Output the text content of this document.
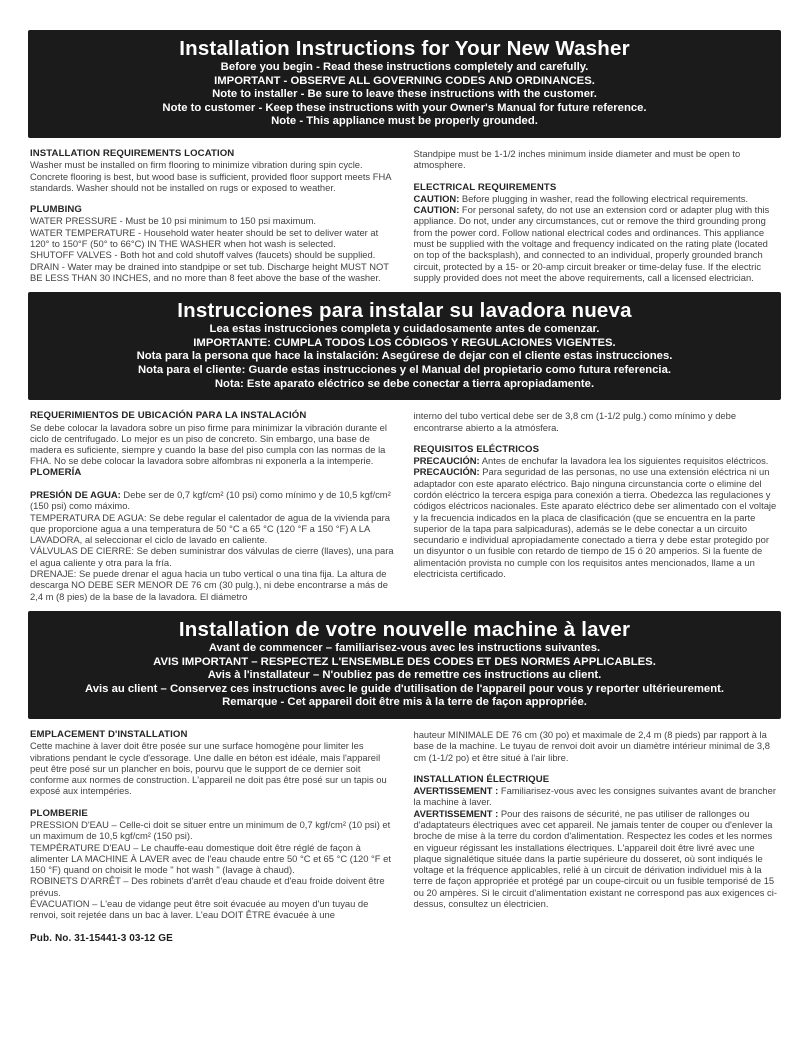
Installation Instructions for Your New Washer
Before you begin - Read these instructions completely and carefully.
IMPORTANT - OBSERVE ALL GOVERNING CODES AND ORDINANCES.
Note to installer - Be sure to leave these instructions with the customer.
Note to customer - Keep these instructions with your Owner's Manual for future reference.
Note - This appliance must be properly grounded.
INSTALLATION REQUIREMENTS LOCATION

Washer must be installed on firm flooring to minimize vibration during spin cycle. Concrete flooring is best, but wood base is sufficient, provided floor support meets FHA standards. Washer should not be installed on rugs or exposed to weather.

PLUMBING

WATER PRESSURE - Must be 10 psi minimum to 150 psi maximum.

WATER TEMPERATURE - Household water heater should be set to deliver water at 120° to 150°F (50° to 66°C) IN THE WASHER when hot wash is selected.

SHUTOFF VALVES - Both hot and cold shutoff valves (faucets) should be supplied.

DRAIN - Water may be drained into standpipe or set tub. Discharge height MUST NOT BE LESS THAN 30 INCHES, and no more than 8 feet above the base of the washer.

Standpipe must be 1-1/2 inches minimum inside diameter and must be open to atmosphere.

ELECTRICAL REQUIREMENTS

CAUTION: Before plugging in washer, read the following electrical requirements.

CAUTION: For personal safety, do not use an extension cord or adapter plug with this appliance. Do not, under any circumstances, cut or remove the third grounding prong from the power cord. Follow national electrical codes and ordinances. This appliance must be supplied with the voltage and frequency indicated on the rating plate (located on top of the backsplash), and connected to an individual, properly grounded branch circuit, protected by a 15- or 20-amp circuit breaker or time-delay fuse. If the electric supply provided does not meet the above requirements, call a licensed electrician.

Instrucciones para instalar su lavadora nueva
Lea estas instrucciones completa y cuidadosamente antes de comenzar.
IMPORTANTE: CUMPLA TODOS LOS CÓDIGOS Y REGULACIONES VIGENTES.
Nota para la persona que hace la instalación: Asegúrese de dejar con el cliente estas instrucciones.
Nota para el cliente: Guarde estas instrucciones y el Manual del propietario como futura referencia.
Nota: Este aparato eléctrico se debe conectar a tierra apropiadamente.
REQUERIMIENTOS DE UBICACIÓN PARA LA INSTALACIÓN

Se debe colocar la lavadora sobre un piso firme para minimizar la vibración durante el ciclo de centrifugado. Lo mejor es un piso de concreto. Sin embargo, una base de madera es suficiente, siempre y cuando la base del piso cumpla con las normas de la FHA. No se debe colocar la lavadora sobre alfombras ni exponerla a la intemperie.

PLOMERÍA

PRESIÓN DE AGUA: Debe ser de 0,7 kgf/cm² (10 psi) como mínimo y de 10,5 kgf/cm² (150 psi) como máximo.

TEMPERATURA DE AGUA: Se debe regular el calentador de agua de la vivienda para que proporcione agua a una temperatura de 50 °C a 65 °C (120 °F a 150 °F) A LA LAVADORA, al seleccionar el ciclo de lavado en caliente.

VÁLVULAS DE CIERRE: Se deben suministrar dos válvulas de cierre (llaves), una para el agua caliente y otra para la fría.

DRENAJE: Se puede drenar el agua hacia un tubo vertical o una tina fija. La altura de descarga NO DEBE SER MENOR DE 76 cm (30 pulg.), ni debe encontrarse a más de 2,4 m (8 pies) de la base de la lavadora. El diámetro

interno del tubo vertical debe ser de 3,8 cm (1-1/2 pulg.) como mínimo y debe encontrarse abierto a la atmósfera.

REQUISITOS ELÉCTRICOS

PRECAUCIÓN: Antes de enchufar la lavadora lea los siguientes requisitos eléctricos.

PRECAUCIÓN: Para seguridad de las personas, no use una extensión eléctrica ni un adaptador con este aparato eléctrico. Bajo ninguna circunstancia corte o elimine del cordón eléctrico la tercera espiga para conexión a tierra. Obedezca las regulaciones y códigos eléctricos nacionales. Este aparato eléctrico debe ser alimentado con el voltaje y la frecuencia indicados en la placa de clasificación (que se encuentra en la parte superior de la tapa para salpicaduras), además se le debe conectar a un circuito secundario e individual apropiadamente conectado a tierra y debe estar protegido por un disyuntor o un fusible con retardo de tiempo de 15 ó 20 amperios. Si la fuente de alimentación provista no cumple con los requisitos antes mencionados, llame a un electricista certificado.

Installation de votre nouvelle machine à laver
Avant de commencer – familiarisez-vous avec les instructions suivantes.
AVIS IMPORTANT – RESPECTEZ L'ENSEMBLE DES CODES ET DES NORMES APPLICABLES.
Avis à l'installateur – N'oubliez pas de remettre ces instructions au client.
Avis au client – Conservez ces instructions avec le guide d'utilisation de l'appareil pour vous y reporter ultérieurement.
Remarque - Cet appareil doit être mis à la terre de façon appropriée.
EMPLACEMENT D'INSTALLATION

Cette machine à laver doit être posée sur une surface homogène pour limiter les vibrations pendant le cycle d'essorage. Une dalle en béton est idéale, mais l'appareil peut être posé sur un plancher en bois, pourvu que le support de ce dernier soit conforme aux normes de construction. L'appareil ne doit pas être posé sur un tapis ou exposé aux intempéries.

PLOMBERIE

PRESSION D'EAU – Celle-ci doit se situer entre un minimum de 0,7 kgf/cm² (10 psi) et un maximum de 10,5 kgf/cm² (150 psi).

TEMPÉRATURE D'EAU – Le chauffe-eau domestique doit être réglé de façon à alimenter LA MACHINE À LAVER avec de l'eau chaude entre 50 °C et 65 °C (120 °F et 150 °F) quand on choisit le mode " hot wash " (lavage à chaud).

ROBINETS D'ARRÊT – Des robinets d'arrêt d'eau chaude et d'eau froide doivent être prévus.

ÉVACUATION – L'eau de vidange peut être soit évacuée au moyen d'un tuyau de renvoi, soit rejetée dans un bac à laver. L'eau DOIT ÊTRE évacuée à une

hauteur MINIMALE DE 76 cm (30 po) et maximale de 2,4 m (8 pieds) par rapport à la base de la machine. Le tuyau de renvoi doit avoir un diamètre intérieur minimal de 3,8 cm (1-1/2 po) et être situé à l'air libre.

INSTALLATION ÉLECTRIQUE

AVERTISSEMENT : Familiarisez-vous avec les consignes suivantes avant de brancher la machine à laver.

AVERTISSEMENT : Pour des raisons de sécurité, ne pas utiliser de rallonges ou d'adaptateurs électriques avec cet appareil. Ne jamais tenter de couper ou d'enlever la broche de mise à la terre du cordon d'alimentation. Respectez les codes et les normes en vigueur régissant les installations électriques. L'appareil doit être livré avec une plaque signalétique située dans la partie supérieure du dosseret, où sont indiqués le voltage et la fréquence applicables, relié à un circuit de dérivation individuel mis à la terre de façon appropriée et protégé par un coupe-circuit ou un fusible temporisé de 15 ou 20 ampères. Si le circuit d'alimentation existant ne correspond pas aux exigences ci-dessus, consultez un électricien.

Pub. No. 31-15441-3 03-12 GE
